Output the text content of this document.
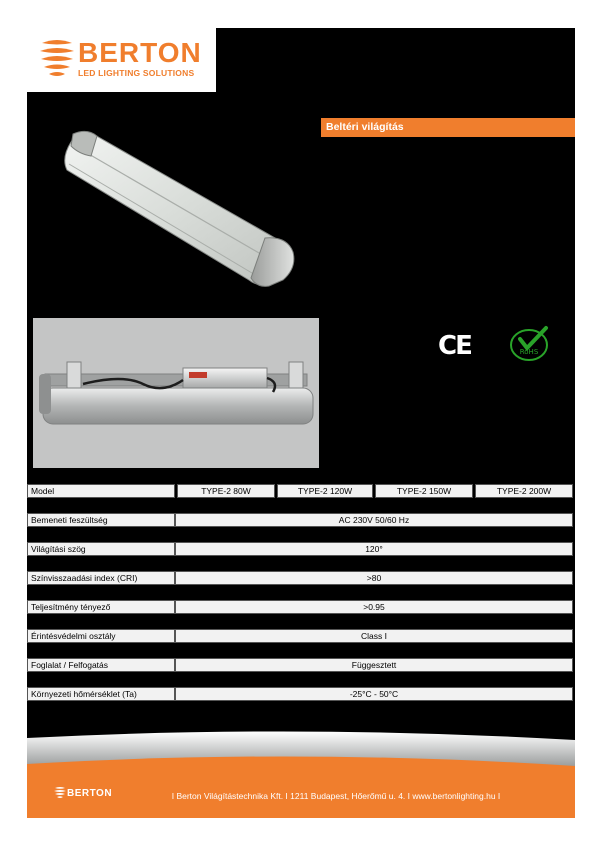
BERTON
LED LIGHTING SOLUTIONS
Beltéri világítás
CE	RoHS
Model	TYPE-2 80W	TYPE-2 120W	TYPE-2 150W	TYPE-2 200W
Bemeneti feszültség	AC 230V 50/60 Hz
Világítási szög	120°
Színvisszaadási index (CRI)	>80
Teljesítmény tényező	>0.95
Érintésvédelmi osztály	Class I
Foglalat / Felfogatás	Függesztett
Környezeti hőmérséklet (Ta)	-25°C - 50°C
BERTON	I Berton Világítástechnika Kft. I 1211 Budapest, Hőerőmű u. 4. I www.bertonlighting.hu I
